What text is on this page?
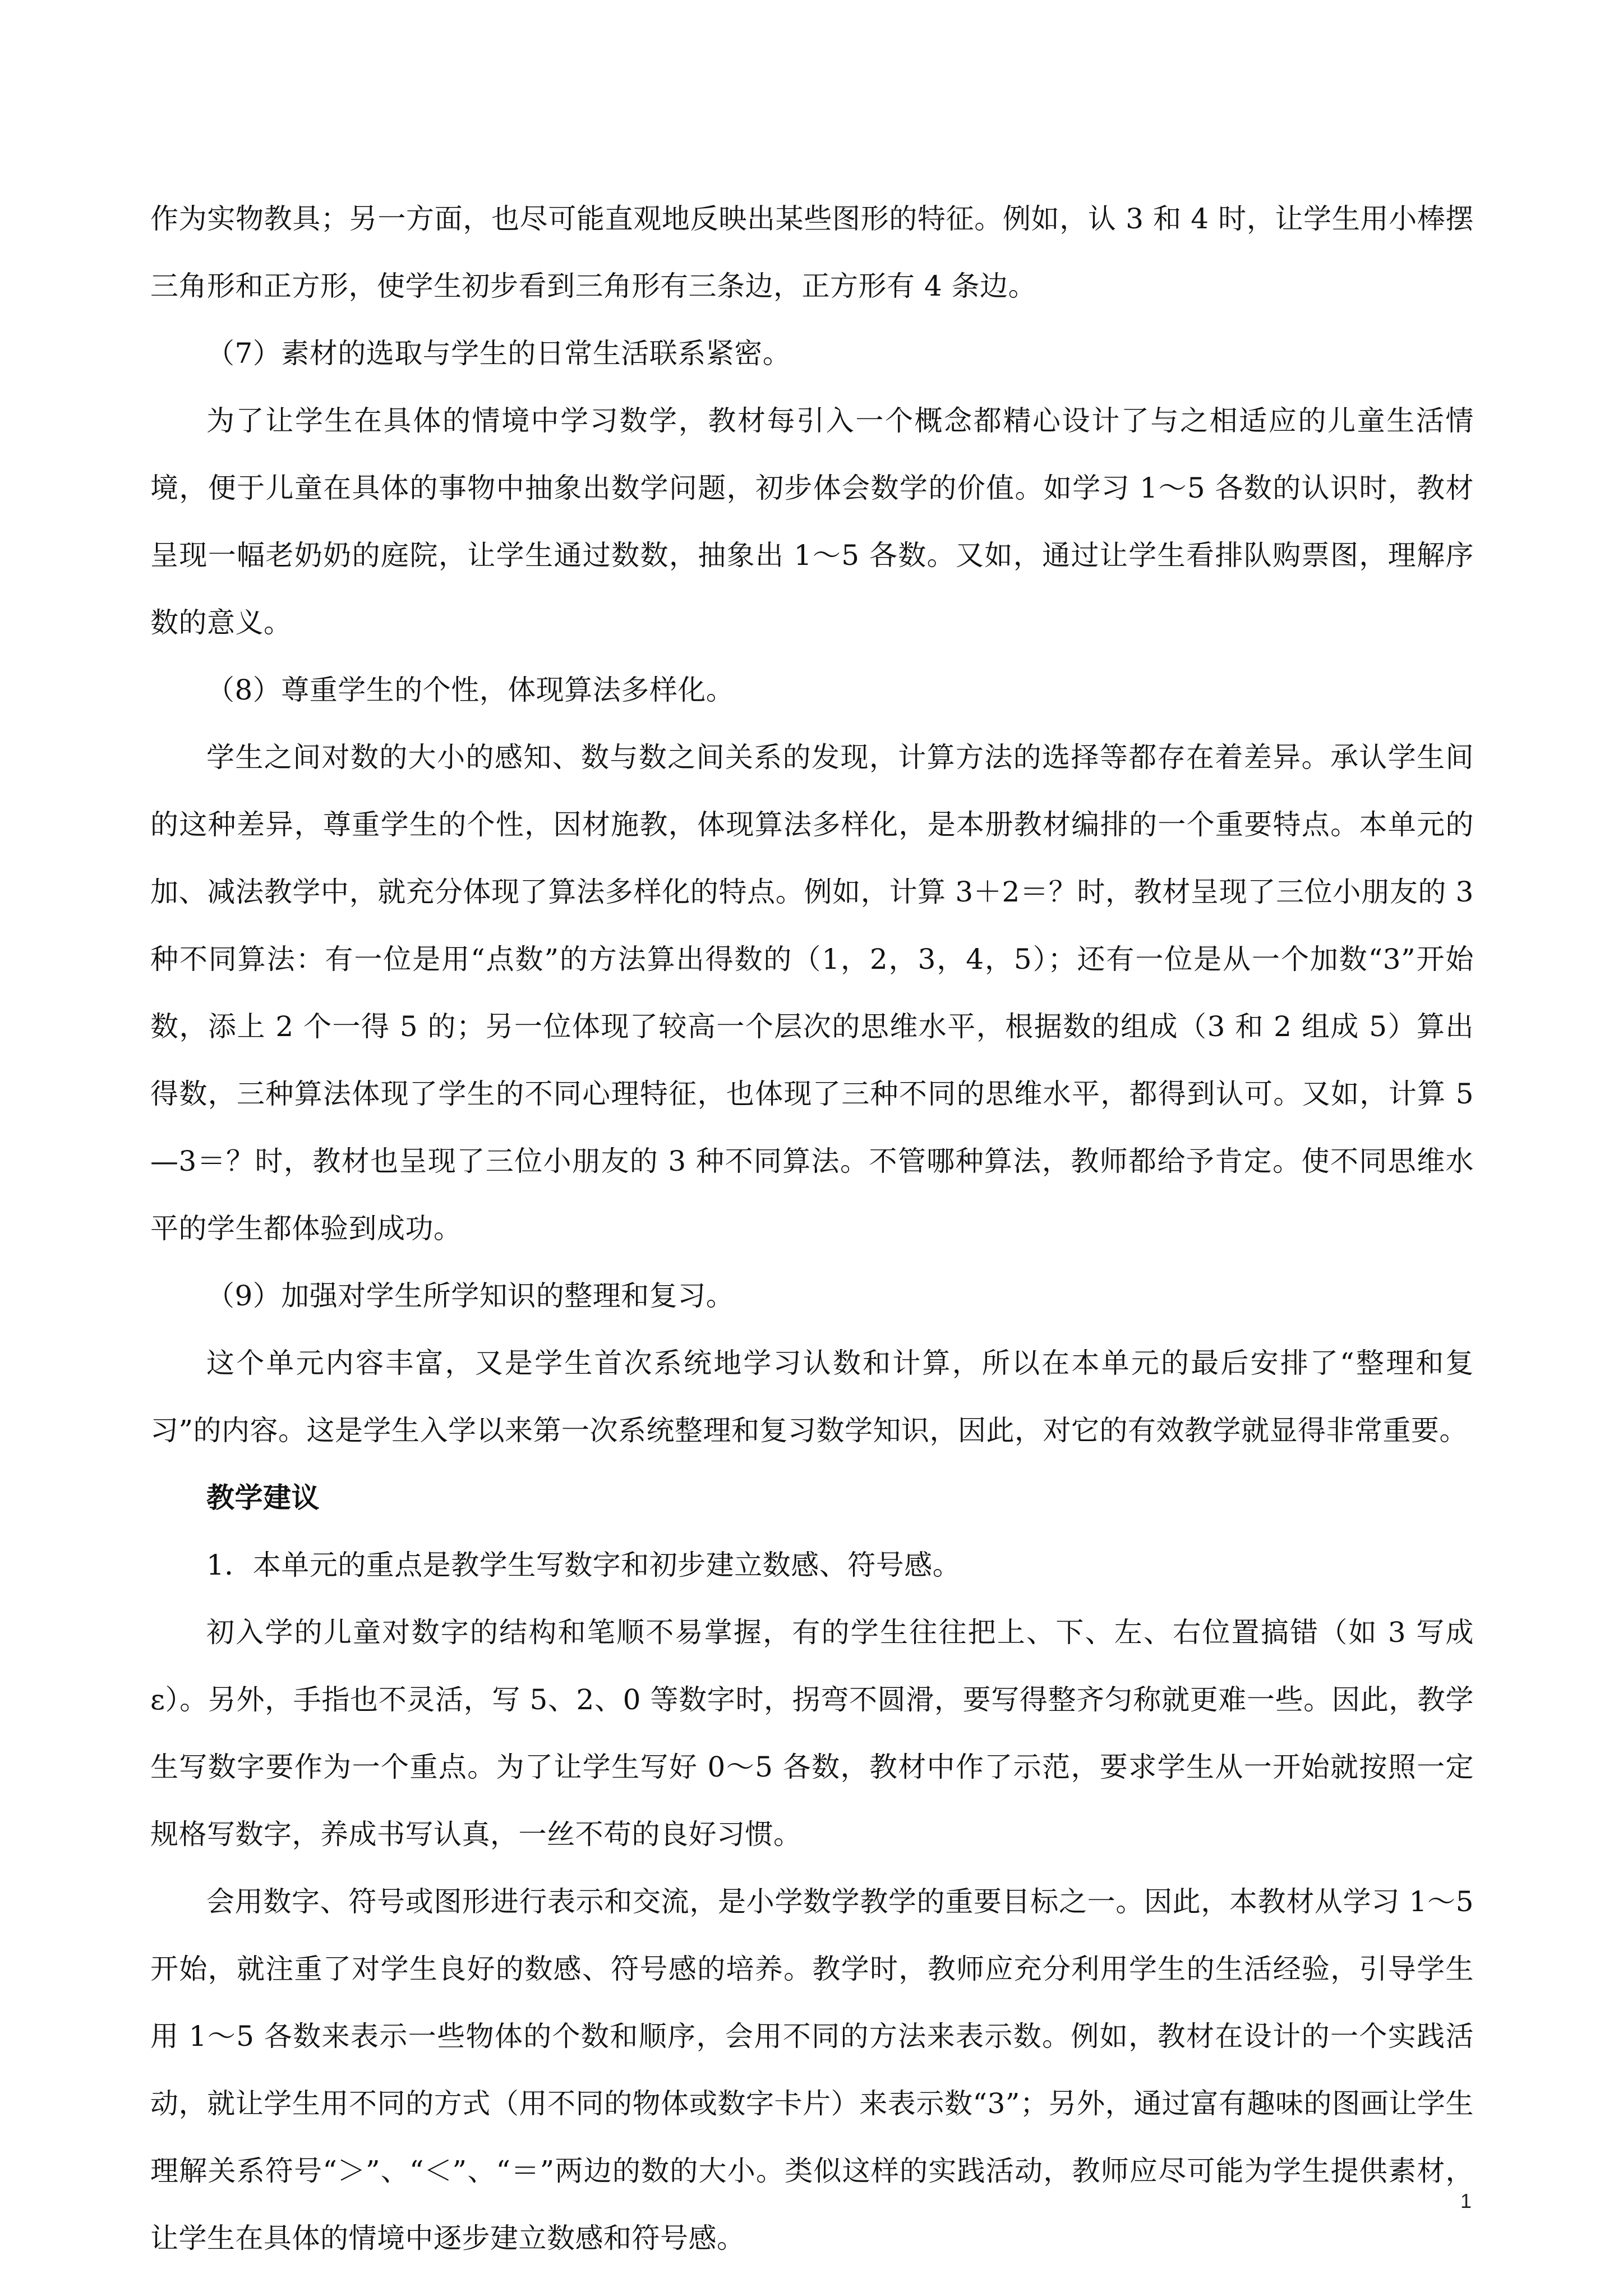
作为实物教具；另一方面，也尽可能直观地反映出某些图形的特征。例如，认 3 和 4 时，让学生用小棒摆三角形和正方形，使学生初步看到三角形有三条边，正方形有 4 条边。

（7）素材的选取与学生的日常生活联系紧密。

为了让学生在具体的情境中学习数学，教材每引入一个概念都精心设计了与之相适应的儿童生活情境，便于儿童在具体的事物中抽象出数学问题，初步体会数学的价值。如学习 1～5 各数的认识时，教材呈现一幅老奶奶的庭院，让学生通过数数，抽象出 1～5 各数。又如，通过让学生看排队购票图，理解序数的意义。

（8）尊重学生的个性，体现算法多样化。

学生之间对数的大小的感知、数与数之间关系的发现，计算方法的选择等都存在着差异。承认学生间的这种差异，尊重学生的个性，因材施教，体现算法多样化，是本册教材编排的一个重要特点。本单元的加、减法教学中，就充分体现了算法多样化的特点。例如，计算 3＋2＝？时，教材呈现了三位小朋友的 3 种不同算法：有一位是用“点数”的方法算出得数的（1，2，3，4，5）；还有一位是从一个加数“3”开始数，添上 2 个一得 5 的；另一位体现了较高一个层次的思维水平，根据数的组成（3 和 2 组成 5）算出得数，三种算法体现了学生的不同心理特征，也体现了三种不同的思维水平，都得到认可。又如，计算 5—3＝？时，教材也呈现了三位小朋友的 3 种不同算法。不管哪种算法，教师都给予肯定。使不同思维水平的学生都体验到成功。

（9）加强对学生所学知识的整理和复习。

这个单元内容丰富，又是学生首次系统地学习认数和计算，所以在本单元的最后安排了“整理和复习”的内容。这是学生入学以来第一次系统整理和复习数学知识，因此，对它的有效教学就显得非常重要。

教学建议

1．本单元的重点是教学生写数字和初步建立数感、符号感。

初入学的儿童对数字的结构和笔顺不易掌握，有的学生往往把上、下、左、右位置搞错（如 3 写成ε）。另外，手指也不灵活，写 5、2、0 等数字时，拐弯不圆滑，要写得整齐匀称就更难一些。因此，教学生写数字要作为一个重点。为了让学生写好 0～5 各数，教材中作了示范，要求学生从一开始就按照一定规格写数字，养成书写认真，一丝不苟的良好习惯。

会用数字、符号或图形进行表示和交流，是小学数学教学的重要目标之一。因此，本教材从学习 1～5 开始，就注重了对学生良好的数感、符号感的培养。教学时，教师应充分利用学生的生活经验，引导学生用 1～5 各数来表示一些物体的个数和顺序，会用不同的方法来表示数。例如，教材在设计的一个实践活动，就让学生用不同的方式（用不同的物体或数字卡片）来表示数“3”；另外，通过富有趣味的图画让学生理解关系符号“＞”、“＜”、“＝”两边的数的大小。类似这样的实践活动，教师应尽可能为学生提供素材，让学生在具体的情境中逐步建立数感和符号感。

1
